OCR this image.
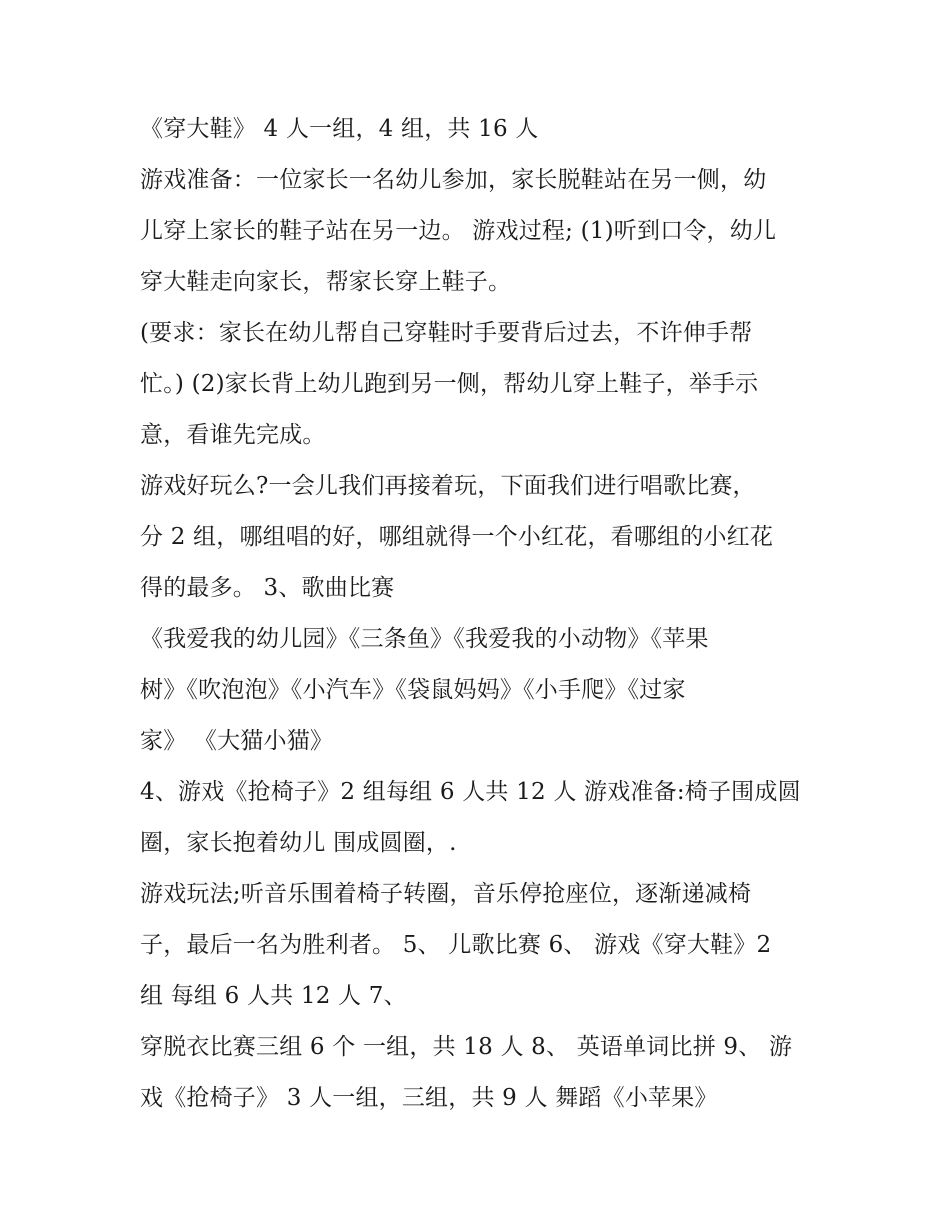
《穿大鞋》 4 人一组，4 组，共 16 人
游戏准备：一位家长一名幼儿参加，家长脱鞋站在另一侧，幼
儿穿上家长的鞋子站在另一边。 游戏过程; (1)听到口令，幼儿
穿大鞋走向家长，帮家长穿上鞋子。
(要求：家长在幼儿帮自己穿鞋时手要背后过去，不许伸手帮
忙。) (2)家长背上幼儿跑到另一侧，帮幼儿穿上鞋子，举手示
意，看谁先完成。
游戏好玩么?一会儿我们再接着玩，下面我们进行唱歌比赛，
分 2 组，哪组唱的好，哪组就得一个小红花，看哪组的小红花
得的最多。 3、歌曲比赛
《我爱我的幼儿园》《三条鱼》《我爱我的小动物》《苹果
树》《吹泡泡》《小汽车》《袋鼠妈妈》《小手爬》《过家
家》 《大猫小猫》
4、游戏《抢椅子》2 组每组 6 人共 12 人 游戏准备:椅子围成圆
圈，家长抱着幼儿 围成圆圈，.
游戏玩法;听音乐围着椅子转圈，音乐停抢座位，逐渐递减椅
子，最后一名为胜利者。 5、 儿歌比赛 6、 游戏《穿大鞋》2
组 每组 6 人共 12 人 7、
穿脱衣比赛三组 6 个 一组，共 18 人 8、 英语单词比拼 9、 游
戏《抢椅子》 3 人一组，三组，共 9 人 舞蹈《小苹果》
